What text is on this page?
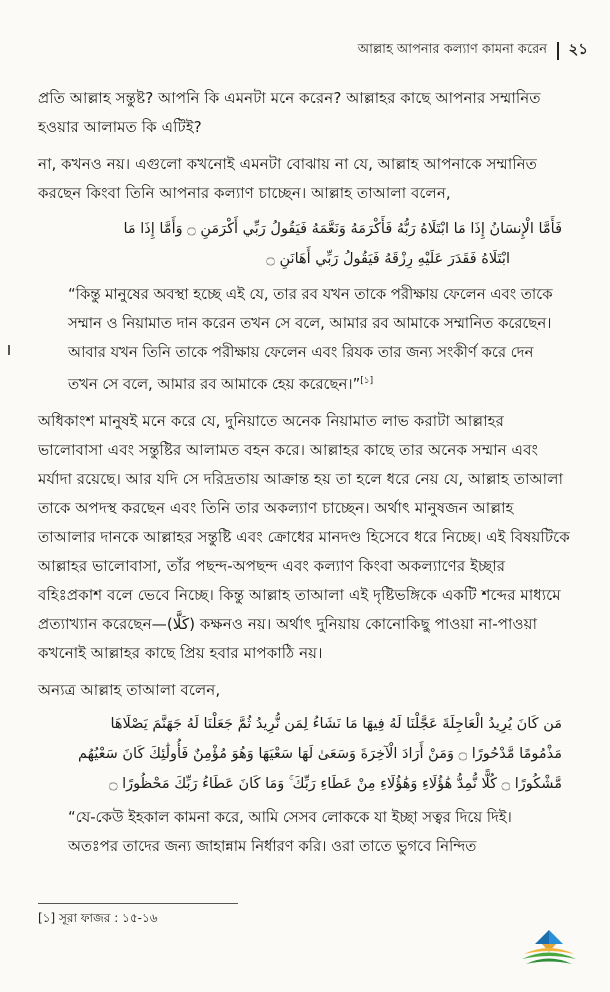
আল্লাহ আপনার কল্যাণ কামনা করেন ২১

প্রতি আল্লাহ সন্তুষ্ট? আপনি কি এমনটা মনে করেন? আল্লাহর কাছে আপনার সম্মানিত হওয়ার আলামত কি এটিই?

না, কখনও নয়। এগুলো কখনোই এমনটা বোঝায় না যে, আল্লাহ আপনাকে সম্মানিত করছেন কিংবা তিনি আপনার কল্যাণ চাচ্ছেন। আল্লাহ তাআলা বলেন,

فَأَمَّا الْإِنسَانُ إِذَا مَا ابْتَلَاهُ رَبُّهُ فَأَكْرَمَهُ وَنَعَّمَهُ فَيَقُولُ رَبِّي أَكْرَمَنِ ۝ وَأَمَّا إِذَا مَا

ابْتَلَاهُ فَقَدَرَ عَلَيْهِ رِزْقَهُ فَيَقُولُ رَبِّي أَهَانَنِ ۝

“কিন্তু মানুষের অবস্থা হচ্ছে এই যে, তার রব যখন তাকে পরীক্ষায় ফেলেন এবং তাকে সম্মান ও নিয়ামাত দান করেন তখন সে বলে, আমার রব আমাকে সম্মানিত করেছেন। আবার যখন তিনি তাকে পরীক্ষায় ফেলেন এবং রিযক তার জন্য সংকীর্ণ করে দেন তখন সে বলে, আমার রব আমাকে হেয় করেছেন।”[১]

অধিকাংশ মানুষই মনে করে যে, দুনিয়াতে অনেক নিয়ামাত লাভ করাটা আল্লাহর ভালোবাসা এবং সন্তুষ্টির আলামত বহন করে। আল্লাহর কাছে তার অনেক সম্মান এবং মর্যাদা রয়েছে। আর যদি সে দরিদ্রতায় আক্রান্ত হয় তা হলে ধরে নেয় যে, আল্লাহ তাআলা তাকে অপদস্থ করছেন এবং তিনি তার অকল্যাণ চাচ্ছেন। অর্থাৎ মানুষজন আল্লাহ তাআলার দানকে আল্লাহর সন্তুষ্টি এবং ক্রোধের মানদণ্ড হিসেবে ধরে নিচ্ছে। এই বিষয়টিকে আল্লাহর ভালোবাসা, তাঁর পছন্দ-অপছন্দ এবং কল্যাণ কিংবা অকল্যাণের ইচ্ছার বহিঃপ্রকাশ বলে ভেবে নিচ্ছে। কিন্তু আল্লাহ তাআলা এই দৃষ্টিভঙ্গিকে একটি শব্দের মাধ্যমে প্রত্যাখ্যান করেছেন—(كَلَّا) কক্ষনও নয়। অর্থাৎ দুনিয়ায় কোনোকিছু পাওয়া না-পাওয়া কখনোই আল্লাহর কাছে প্রিয় হবার মাপকাঠি নয়।

অন্যত্র আল্লাহ তাআলা বলেন,

مَن كَانَ يُرِيدُ الْعَاجِلَةَ عَجَّلْنَا لَهُ فِيهَا مَا نَشَاءُ لِمَن نُّرِيدُ ثُمَّ جَعَلْنَا لَهُ جَهَنَّمَ يَصْلَاهَا

مَذْمُومًا مَّدْحُورًا ۝ وَمَنْ أَرَادَ الْآخِرَةَ وَسَعَىٰ لَهَا سَعْيَهَا وَهُوَ مُؤْمِنٌ فَأُولَٰئِكَ كَانَ سَعْيُهُم

مَّشْكُورًا ۝ كُلًّا نُّمِدُّ هَٰؤُلَاءِ وَهَٰؤُلَاءِ مِنْ عَطَاءِ رَبِّكَ ۚ وَمَا كَانَ عَطَاءُ رَبِّكَ مَحْظُورًا ۝

“যে-কেউ ইহকাল কামনা করে, আমি সেসব লোককে যা ইচ্ছা সত্বর দিয়ে দিই। অতঃপর তাদের জন্য জাহান্নাম নির্ধারণ করি। ওরা তাতে ভুগবে নিন্দিত

[১] সূরা ফাজর : ১৫-১৬
